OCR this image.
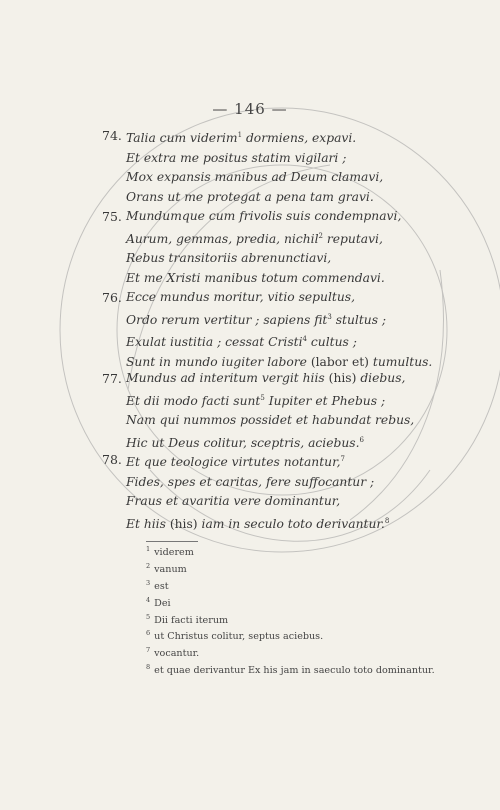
— 146 —
74. Talia cum viderim$^1$ dormiens, expavi.
Et extra me positus statim vigilari ;
Mox expansis manibus ad Deum clamavi,
Orans ut me protegat a pena tam gravi.
75. Mundumque cum frivolis suis condempnavi,
Aurum, gemmas, predia, nichil$^2$ reputavi,
Rebus transitoriis abrenunctiavi,
Et me Xristi manibus totum commendavi.
76. Ecce mundus moritur, vitio sepultus,
Ordo rerum vertitur ; sapiens fit$^3$ stultus ;
Exulat iustitia ; cessat Cristi$^4$ cultus ;
Sunt in mundo iugiter labore (labor et) tumultus.
77. Mundus ad interitum vergit hiis (his) diebus,
Et dii modo facti sunt$^5$ Iupiter et Phebus ;
Nam qui nummos possidet et habundat rebus,
Hic ut Deus colitur, sceptris, aciebus.$^6$
78. Et que teologice virtutes notantur,$^7$
Fides, spes et caritas, fere suffocantur ;
Fraus et avaritia vere dominantur,
Et hiis (his) iam in seculo toto derivantur.$^8$
$^1$ viderem
$^2$ vanum
$^3$ est
$^4$ Dei
$^5$ Dii facti iterum
$^6$ ut Christus colitur, septus aciebus.
$^7$ vocantur.
$^8$ et quae derivantur Ex his jam in saeculo toto dominantur.
